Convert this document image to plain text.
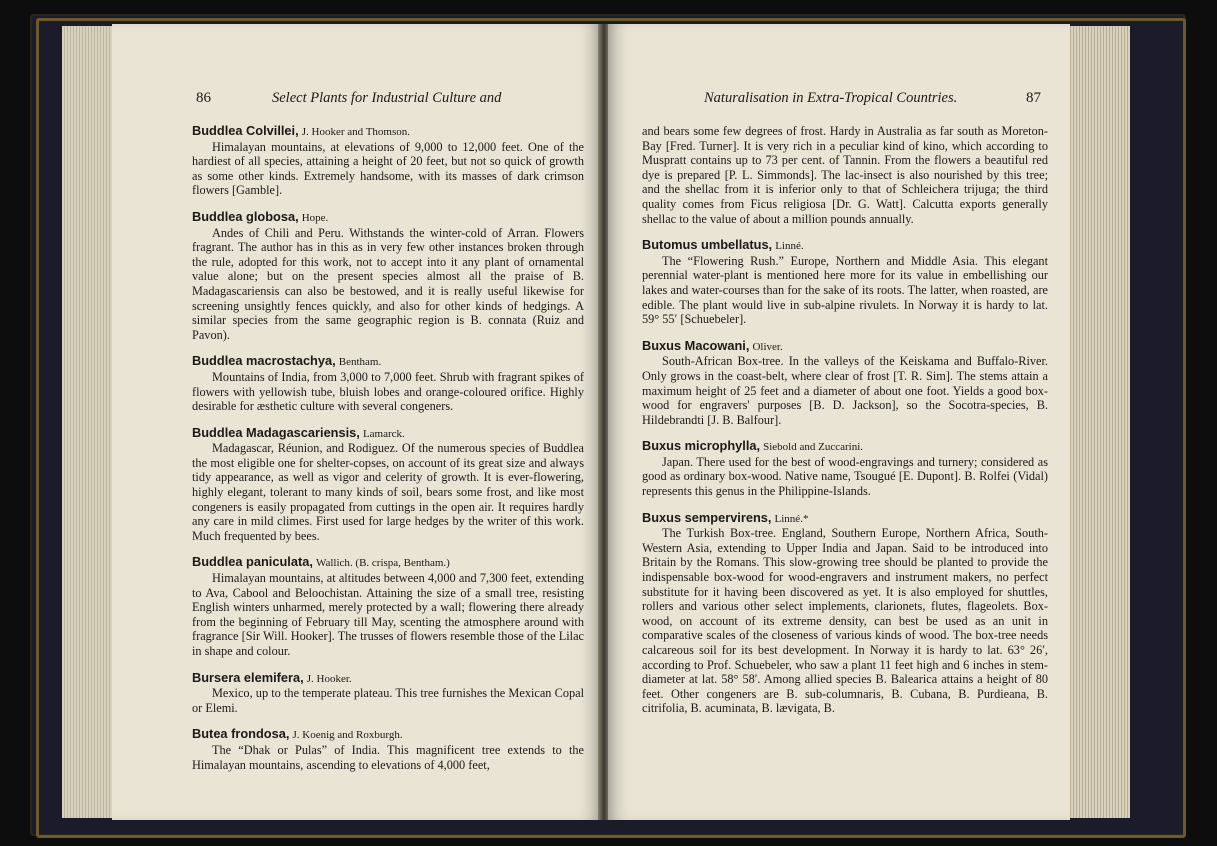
86	Select Plants for Industrial Culture and

Buddlea Colvillei, J. Hooker and Thomson.

Himalayan mountains, at elevations of 9,000 to 12,000 feet. One of the hardiest of all species, attaining a height of 20 feet, but not so quick of growth as some other kinds. Extremely handsome, with its masses of dark crimson flowers [Gamble].

Buddlea globosa, Hope.

Andes of Chili and Peru. Withstands the winter-cold of Arran. Flowers fragrant. The author has in this as in very few other instances broken through the rule, adopted for this work, not to accept into it any plant of ornamental value alone; but on the present species almost all the praise of B. Madagascariensis can also be bestowed, and it is really useful likewise for screening unsightly fences quickly, and also for other kinds of hedgings. A similar species from the same geographic region is B. connata (Ruiz and Pavon).

Buddlea macrostachya, Bentham.

Mountains of India, from 3,000 to 7,000 feet. Shrub with fragrant spikes of flowers with yellowish tube, bluish lobes and orange-coloured orifice. Highly desirable for æsthetic culture with several congeners.

Buddlea Madagascariensis, Lamarck.

Madagascar, Réunion, and Rodiguez. Of the numerous species of Buddlea the most eligible one for shelter-copses, on account of its great size and always tidy appearance, as well as vigor and celerity of growth. It is ever-flowering, highly elegant, tolerant to many kinds of soil, bears some frost, and like most congeners is easily propagated from cuttings in the open air. It requires hardly any care in mild climes. First used for large hedges by the writer of this work. Much frequented by bees.

Buddlea paniculata, Wallich. (B. crispa, Bentham.)

Himalayan mountains, at altitudes between 4,000 and 7,300 feet, extending to Ava, Cabool and Beloochistan. Attaining the size of a small tree, resisting English winters unharmed, merely protected by a wall; flowering there already from the beginning of February till May, scenting the atmosphere around with fragrance [Sir Will. Hooker]. The trusses of flowers resemble those of the Lilac in shape and colour.

Bursera elemifera, J. Hooker.

Mexico, up to the temperate plateau. This tree furnishes the Mexican Copal or Elemi.

Butea frondosa, J. Koenig and Roxburgh.

The “Dhak or Pulas” of India. This magnificent tree extends to the Himalayan mountains, ascending to elevations of 4,000 feet,

Naturalisation in Extra-Tropical Countries.	87

and bears some few degrees of frost. Hardy in Australia as far south as Moreton-Bay [Fred. Turner]. It is very rich in a peculiar kind of kino, which according to Muspratt contains up to 73 per cent. of Tannin. From the flowers a beautiful red dye is prepared [P. L. Simmonds]. The lac-insect is also nourished by this tree; and the shellac from it is inferior only to that of Schleichera trijuga; the third quality comes from Ficus religiosa [Dr. G. Watt]. Calcutta exports generally shellac to the value of about a million pounds annually.

Butomus umbellatus, Linné.

The “Flowering Rush.” Europe, Northern and Middle Asia. This elegant perennial water-plant is mentioned here more for its value in embellishing our lakes and water-courses than for the sake of its roots. The latter, when roasted, are edible. The plant would live in sub-alpine rivulets. In Norway it is hardy to lat. 59° 55′ [Schuebeler].

Buxus Macowani, Oliver.

South-African Box-tree. In the valleys of the Keiskama and Buffalo-River. Only grows in the coast-belt, where clear of frost [T. R. Sim]. The stems attain a maximum height of 25 feet and a diameter of about one foot. Yields a good box-wood for engravers' purposes [B. D. Jackson], so the Socotra-species, B. Hildebrandti [J. B. Balfour].

Buxus microphylla, Siebold and Zuccarini.

Japan. There used for the best of wood-engravings and turnery; considered as good as ordinary box-wood. Native name, Tsougué [E. Dupont]. B. Rolfei (Vidal) represents this genus in the Philippine-Islands.

Buxus sempervirens, Linné.*

The Turkish Box-tree. England, Southern Europe, Northern Africa, South-Western Asia, extending to Upper India and Japan. Said to be introduced into Britain by the Romans. This slow-growing tree should be planted to provide the indispensable box-wood for wood-engravers and instrument makers, no perfect substitute for it having been discovered as yet. It is also employed for shuttles, rollers and various other select implements, clarionets, flutes, flageolets. Box-wood, on account of its extreme density, can best be used as an unit in comparative scales of the closeness of various kinds of wood. The box-tree needs calcareous soil for its best development. In Norway it is hardy to lat. 63° 26′, according to Prof. Schuebeler, who saw a plant 11 feet high and 6 inches in stem-diameter at lat. 58° 58′. Among allied species B. Balearica attains a height of 80 feet. Other congeners are B. sub-columnaris, B. Cubana, B. Purdieana, B. citrifolia, B. acuminata, B. lævigata, B.
